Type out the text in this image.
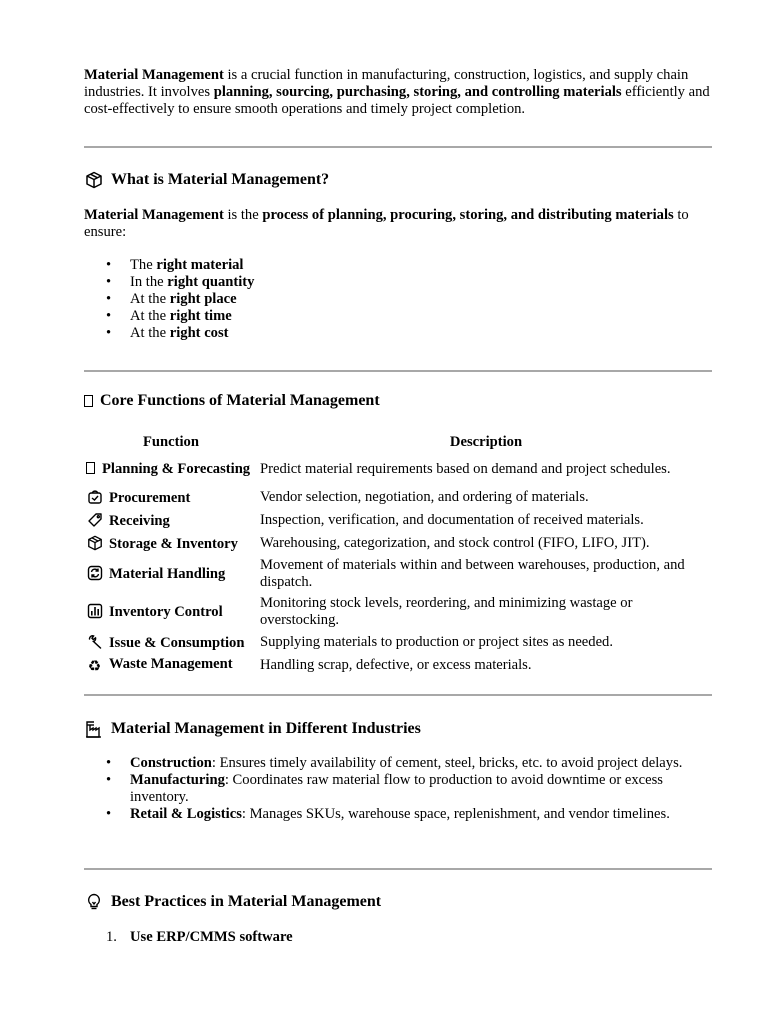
Material Management is a crucial function in manufacturing, construction, logistics, and supply chain industries. It involves planning, sourcing, purchasing, storing, and controlling materials efficiently and cost-effectively to ensure smooth operations and timely project completion.

What is Material Management?

Material Management is the process of planning, procuring, storing, and distributing materials to ensure:

• The right material
• In the right quantity
• At the right place
• At the right time
• At the right cost
Core Functions of Material Management
Function	Description
Planning & Forecasting	Predict material requirements based on demand and project schedules.

Procurement	Vendor selection, negotiation, and ordering of materials.

Receiving	Inspection, verification, and documentation of received materials.

Storage & Inventory	Warehousing, categorization, and stock control (FIFO, LIFO, JIT).

Material Handling	Movement of materials within and between warehouses, production, and dispatch.

Inventory Control	Monitoring stock levels, reordering, and minimizing wastage or overstocking.

Issue & Consumption	Supplying materials to production or project sites as needed.
♻ Waste Management	Handling scrap, defective, or excess materials.
Material Management in Different Industries
• Construction: Ensures timely availability of cement, steel, bricks, etc. to avoid project delays.
• Manufacturing: Coordinates raw material flow to production to avoid downtime or excess inventory.
• Retail & Logistics: Manages SKUs, warehouse space, replenishment, and vendor timelines.
Best Practices in Material Management
1. Use ERP/CMMS software
